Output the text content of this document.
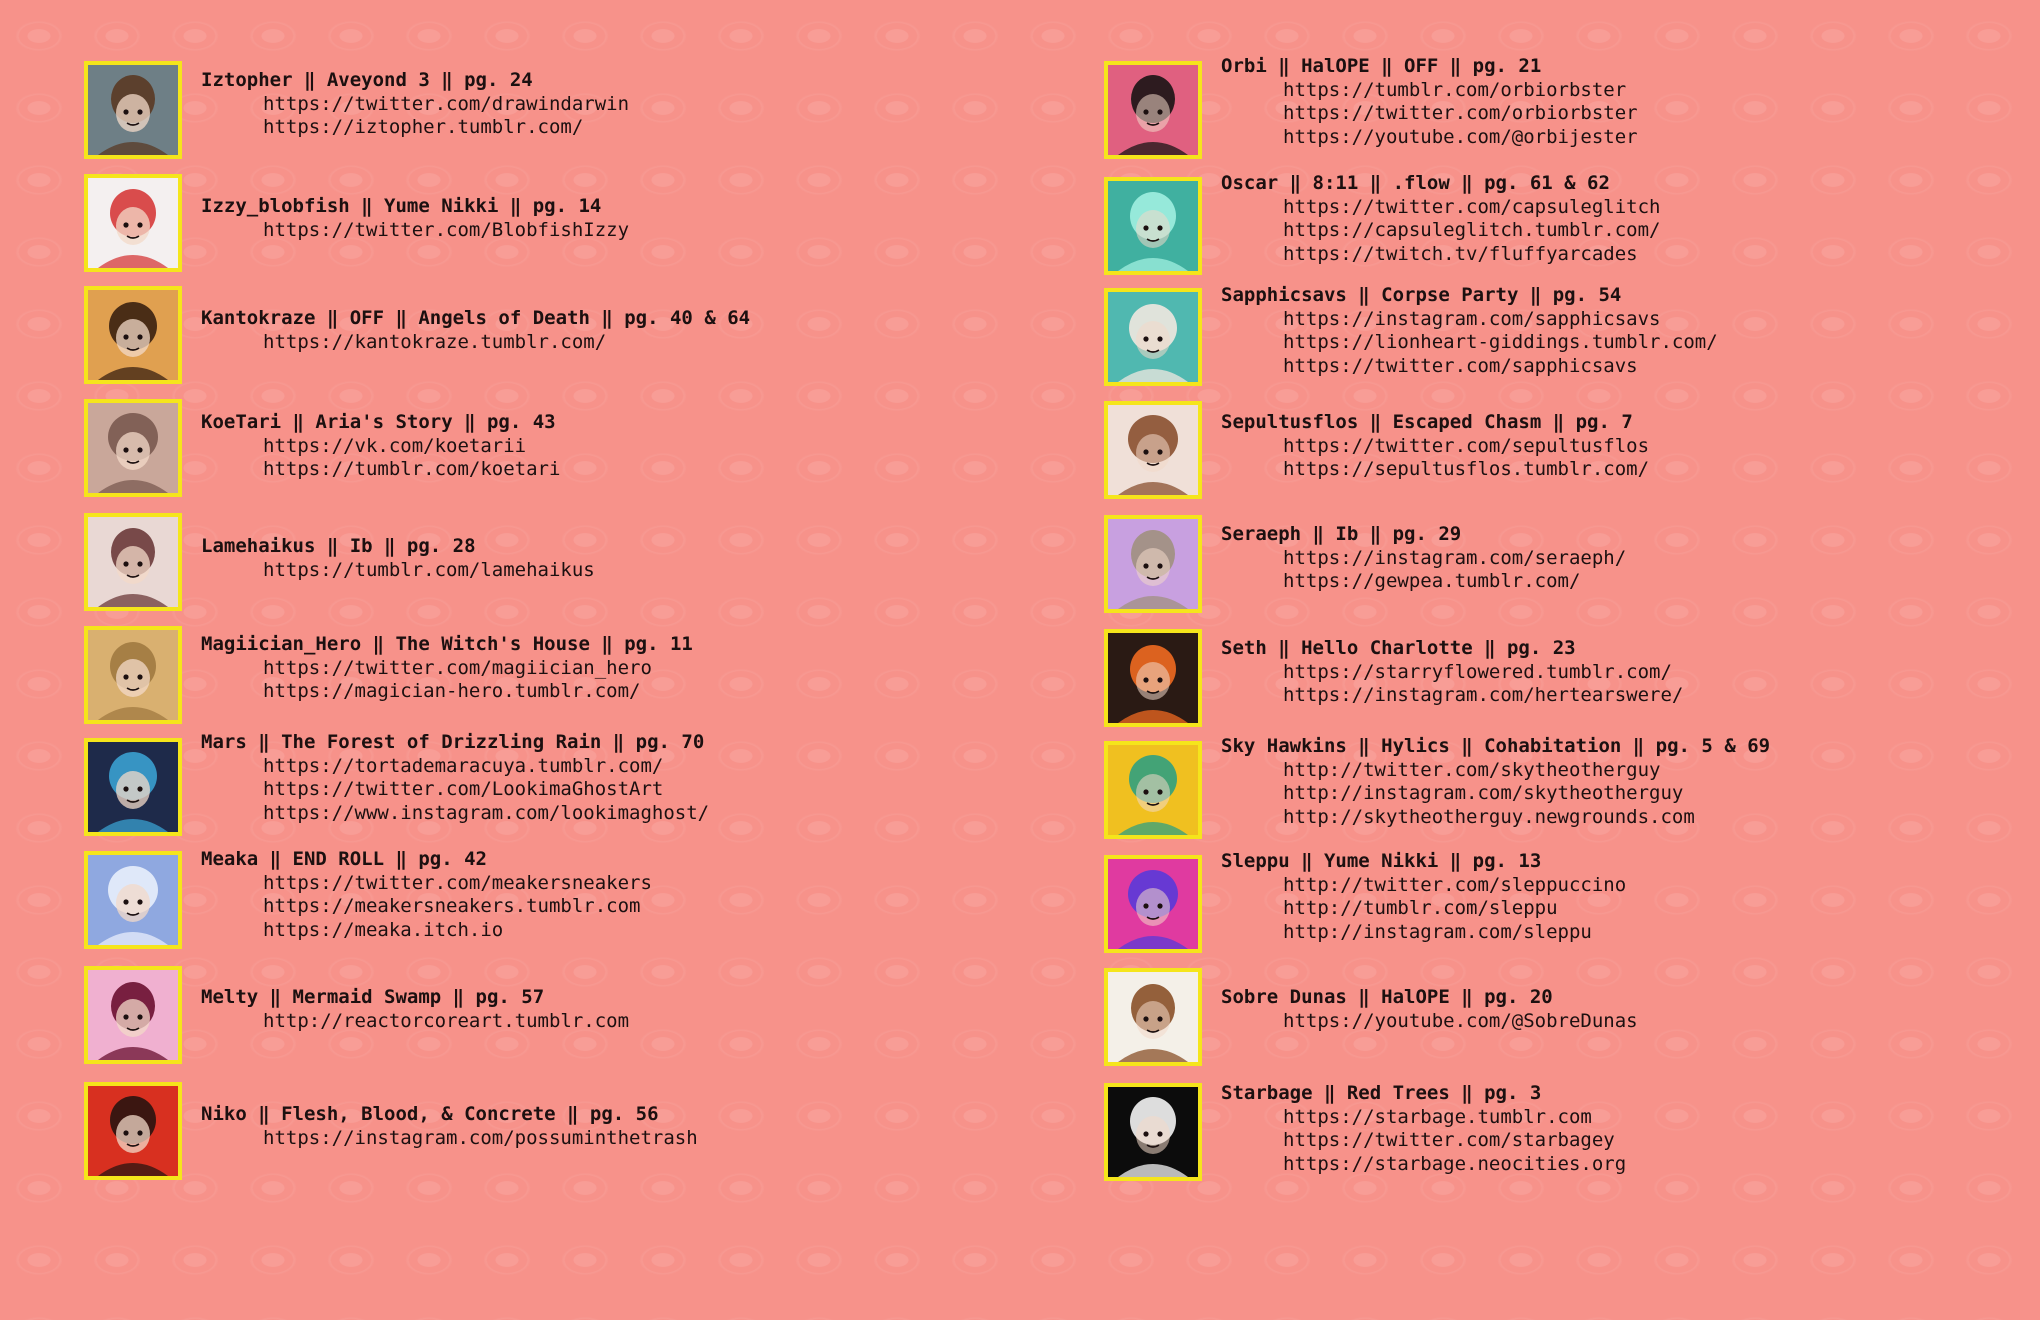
Iztopher ‖ Aveyond 3 ‖ pg. 24
https://twitter.com/drawindarwin
https://iztopher.tumblr.com/
Izzy_blobfish ‖ Yume Nikki ‖ pg. 14
https://twitter.com/BlobfishIzzy
Kantokraze ‖ OFF ‖ Angels of Death ‖ pg. 40 & 64
https://kantokraze.tumblr.com/
KoeTari ‖ Aria's Story ‖ pg. 43
https://vk.com/koetarii
https://tumblr.com/koetari
Lamehaikus ‖ Ib ‖ pg. 28
https://tumblr.com/lamehaikus
Magiician_Hero ‖ The Witch's House ‖ pg. 11
https://twitter.com/magiician_hero
https://magician-hero.tumblr.com/
Mars ‖ The Forest of Drizzling Rain ‖ pg. 70
https://tortademaracuya.tumblr.com/
https://twitter.com/LookimaGhostArt
https://www.instagram.com/lookimaghost/
Meaka ‖ END ROLL ‖ pg. 42
https://twitter.com/meakersneakers
https://meakersneakers.tumblr.com
https://meaka.itch.io
Melty ‖ Mermaid Swamp ‖ pg. 57
http://reactorcoreart.tumblr.com
Niko ‖ Flesh, Blood, & Concrete ‖ pg. 56
https://instagram.com/possuminthetrash
Orbi ‖ HalOPE ‖ OFF ‖ pg. 21
https://tumblr.com/orbiorbster
https://twitter.com/orbiorbster
https://youtube.com/@orbijester
Oscar ‖ 8:11 ‖ .flow ‖ pg. 61 & 62
https://twitter.com/capsuleglitch
https://capsuleglitch.tumblr.com/
https://twitch.tv/fluffyarcades
Sapphicsavs ‖ Corpse Party ‖ pg. 54
https://instagram.com/sapphicsavs
https://lionheart-giddings.tumblr.com/
https://twitter.com/sapphicsavs
Sepultusflos ‖ Escaped Chasm ‖ pg. 7
https://twitter.com/sepultusflos
https://sepultusflos.tumblr.com/
Seraeph ‖ Ib ‖ pg. 29
https://instagram.com/seraeph/
https://gewpea.tumblr.com/
Seth ‖ Hello Charlotte ‖ pg. 23
https://starryflowered.tumblr.com/
https://instagram.com/hertearswere/
Sky Hawkins ‖ Hylics ‖ Cohabitation ‖ pg. 5 & 69
http://twitter.com/skytheotherguy
http://instagram.com/skytheotherguy
http://skytheotherguy.newgrounds.com
Sleppu ‖ Yume Nikki ‖ pg. 13
http://twitter.com/sleppuccino
http://tumblr.com/sleppu
http://instagram.com/sleppu
Sobre Dunas ‖ HalOPE ‖ pg. 20
https://youtube.com/@SobreDunas
Starbage ‖ Red Trees ‖ pg. 3
https://starbage.tumblr.com
https://twitter.com/starbagey
https://starbage.neocities.org
